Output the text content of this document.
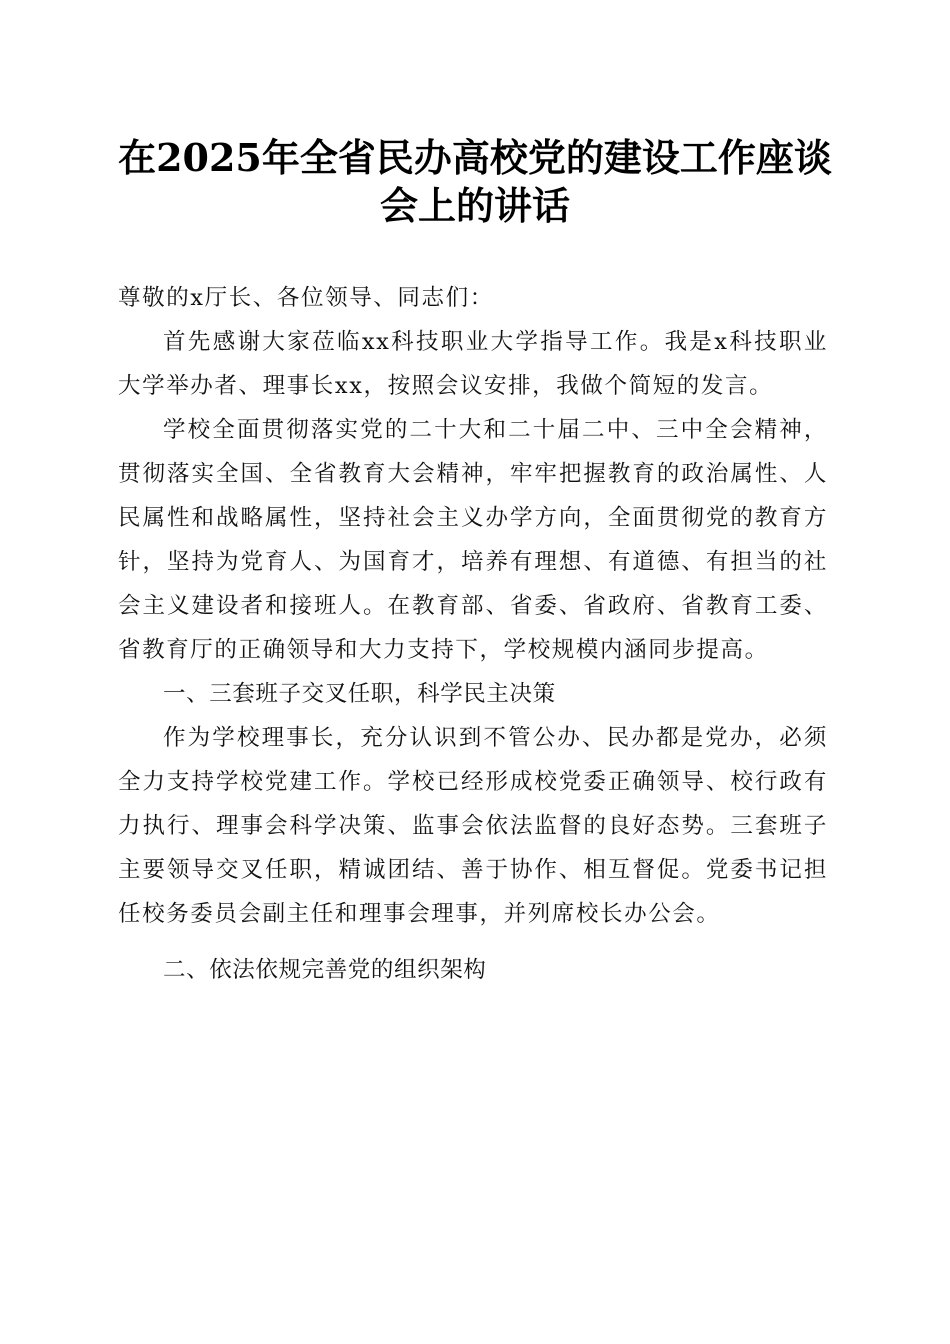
在2025年全省民办高校党的建设工作座谈会上的讲话

尊敬的x厅长、各位领导、同志们：

首先感谢大家莅临xx科技职业大学指导工作。我是x科技职业大学举办者、理事长xx，按照会议安排，我做个简短的发言。

学校全面贯彻落实党的二十大和二十届二中、三中全会精神，贯彻落实全国、全省教育大会精神，牢牢把握教育的政治属性、人民属性和战略属性，坚持社会主义办学方向，全面贯彻党的教育方针，坚持为党育人、为国育才，培养有理想、有道德、有担当的社会主义建设者和接班人。在教育部、省委、省政府、省教育工委、省教育厅的正确领导和大力支持下，学校规模内涵同步提高。

一、三套班子交叉任职，科学民主决策

作为学校理事长，充分认识到不管公办、民办都是党办，必须全力支持学校党建工作。学校已经形成校党委正确领导、校行政有力执行、理事会科学决策、监事会依法监督的良好态势。三套班子主要领导交叉任职，精诚团结、善于协作、相互督促。党委书记担任校务委员会副主任和理事会理事，并列席校长办公会。

二、依法依规完善党的组织架构
